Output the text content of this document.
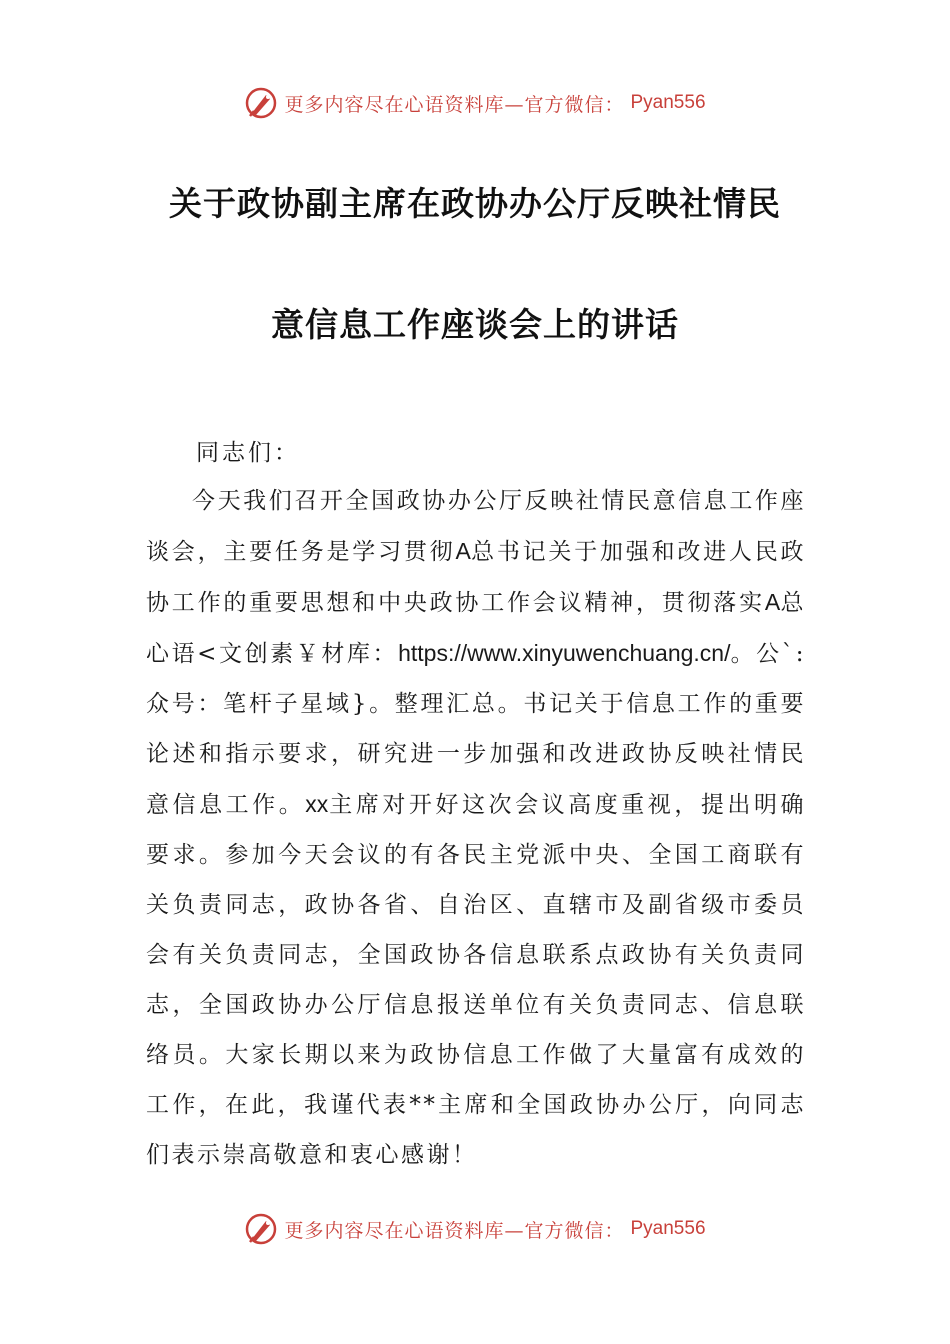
更多内容尽在心语资料库—官方微信： Pyan556
关于政协副主席在政协办公厅反映社情民
意信息工作座谈会上的讲话
同志们：
今天我们召开全国政协办公厅反映社情民意信息工作座谈会，主要任务是学习贯彻A总书记关于加强和改进人民政协工作的重要思想和中央政协工作会议精神，贯彻落实A总心语<文创素￥材库：https://www.xinyuwenchuang.cn/。公`:众号：笔杆子星域}。整理汇总。书记关于信息工作的重要论述和指示要求，研究进一步加强和改进政协反映社情民意信息工作。xx主席对开好这次会议高度重视，提出明确要求。参加今天会议的有各民主党派中央、全国工商联有关负责同志，政协各省、自治区、直辖市及副省级市委员会有关负责同志，全国政协各信息联系点政协有关负责同志，全国政协办公厅信息报送单位有关负责同志、信息联络员。大家长期以来为政协信息工作做了大量富有成效的工作，在此，我谨代表**主席和全国政协办公厅，向同志们表示崇高敬意和衷心感谢！
更多内容尽在心语资料库—官方微信： Pyan556
